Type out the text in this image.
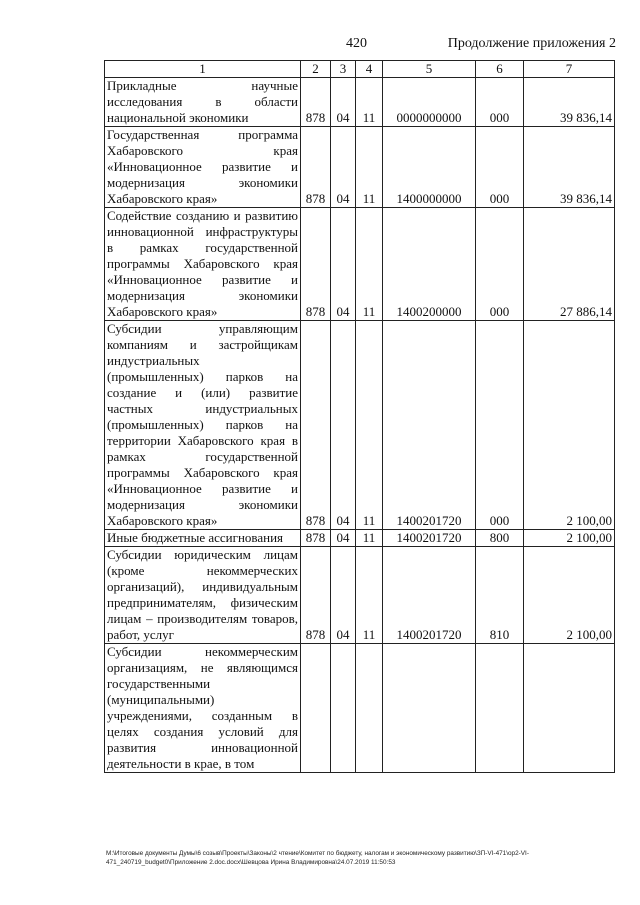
420	Продолжение приложения 2
1	2	3	4	5	6	7
Прикладные научные исследования в области национальной экономики	878	04	11	0000000000	000	39 836,14
Государственная программа Хабаровского края «Инновационное развитие и модернизация экономики Хабаровского края»	878	04	11	1400000000	000	39 836,14
Содействие созданию и развитию инновационной инфраструктуры в рамках государственной программы Хабаровского края «Инновационное развитие и модернизация экономики Хабаровского края»	878	04	11	1400200000	000	27 886,14
Субсидии управляющим компаниям и застройщикам индустриальных (промышленных) парков на создание и (или) развитие частных индустриальных (промышленных) парков на территории Хабаровского края в рамках государственной программы Хабаровского края «Инновационное развитие и модернизация экономики Хабаровского края»	878	04	11	1400201720	000	2 100,00
Иные бюджетные ассигнования	878	04	11	1400201720	800	2 100,00
Субсидии юридическим лицам (кроме некоммерческих организаций), индивидуальным предпринимателям, физическим лицам – производителям товаров, работ, услуг	878	04	11	1400201720	810	2 100,00
Субсидии некоммерческим организациям, не являющимся государственными (муниципальными) учреждениями, созданным в целях создания условий для развития инновационной деятельности в крае, в том						
M:\Итоговые документы Думы\6 созыв\Проекты\Законы\2 чтение\Комитет по бюджету, налогам и экономическому развитию\ЗП-VI-471\ор2-VI-471_240719_budget0\Приложение 2.doc.docx\Шевцова Ирина Владимировна\24.07.2019 11:50:53
